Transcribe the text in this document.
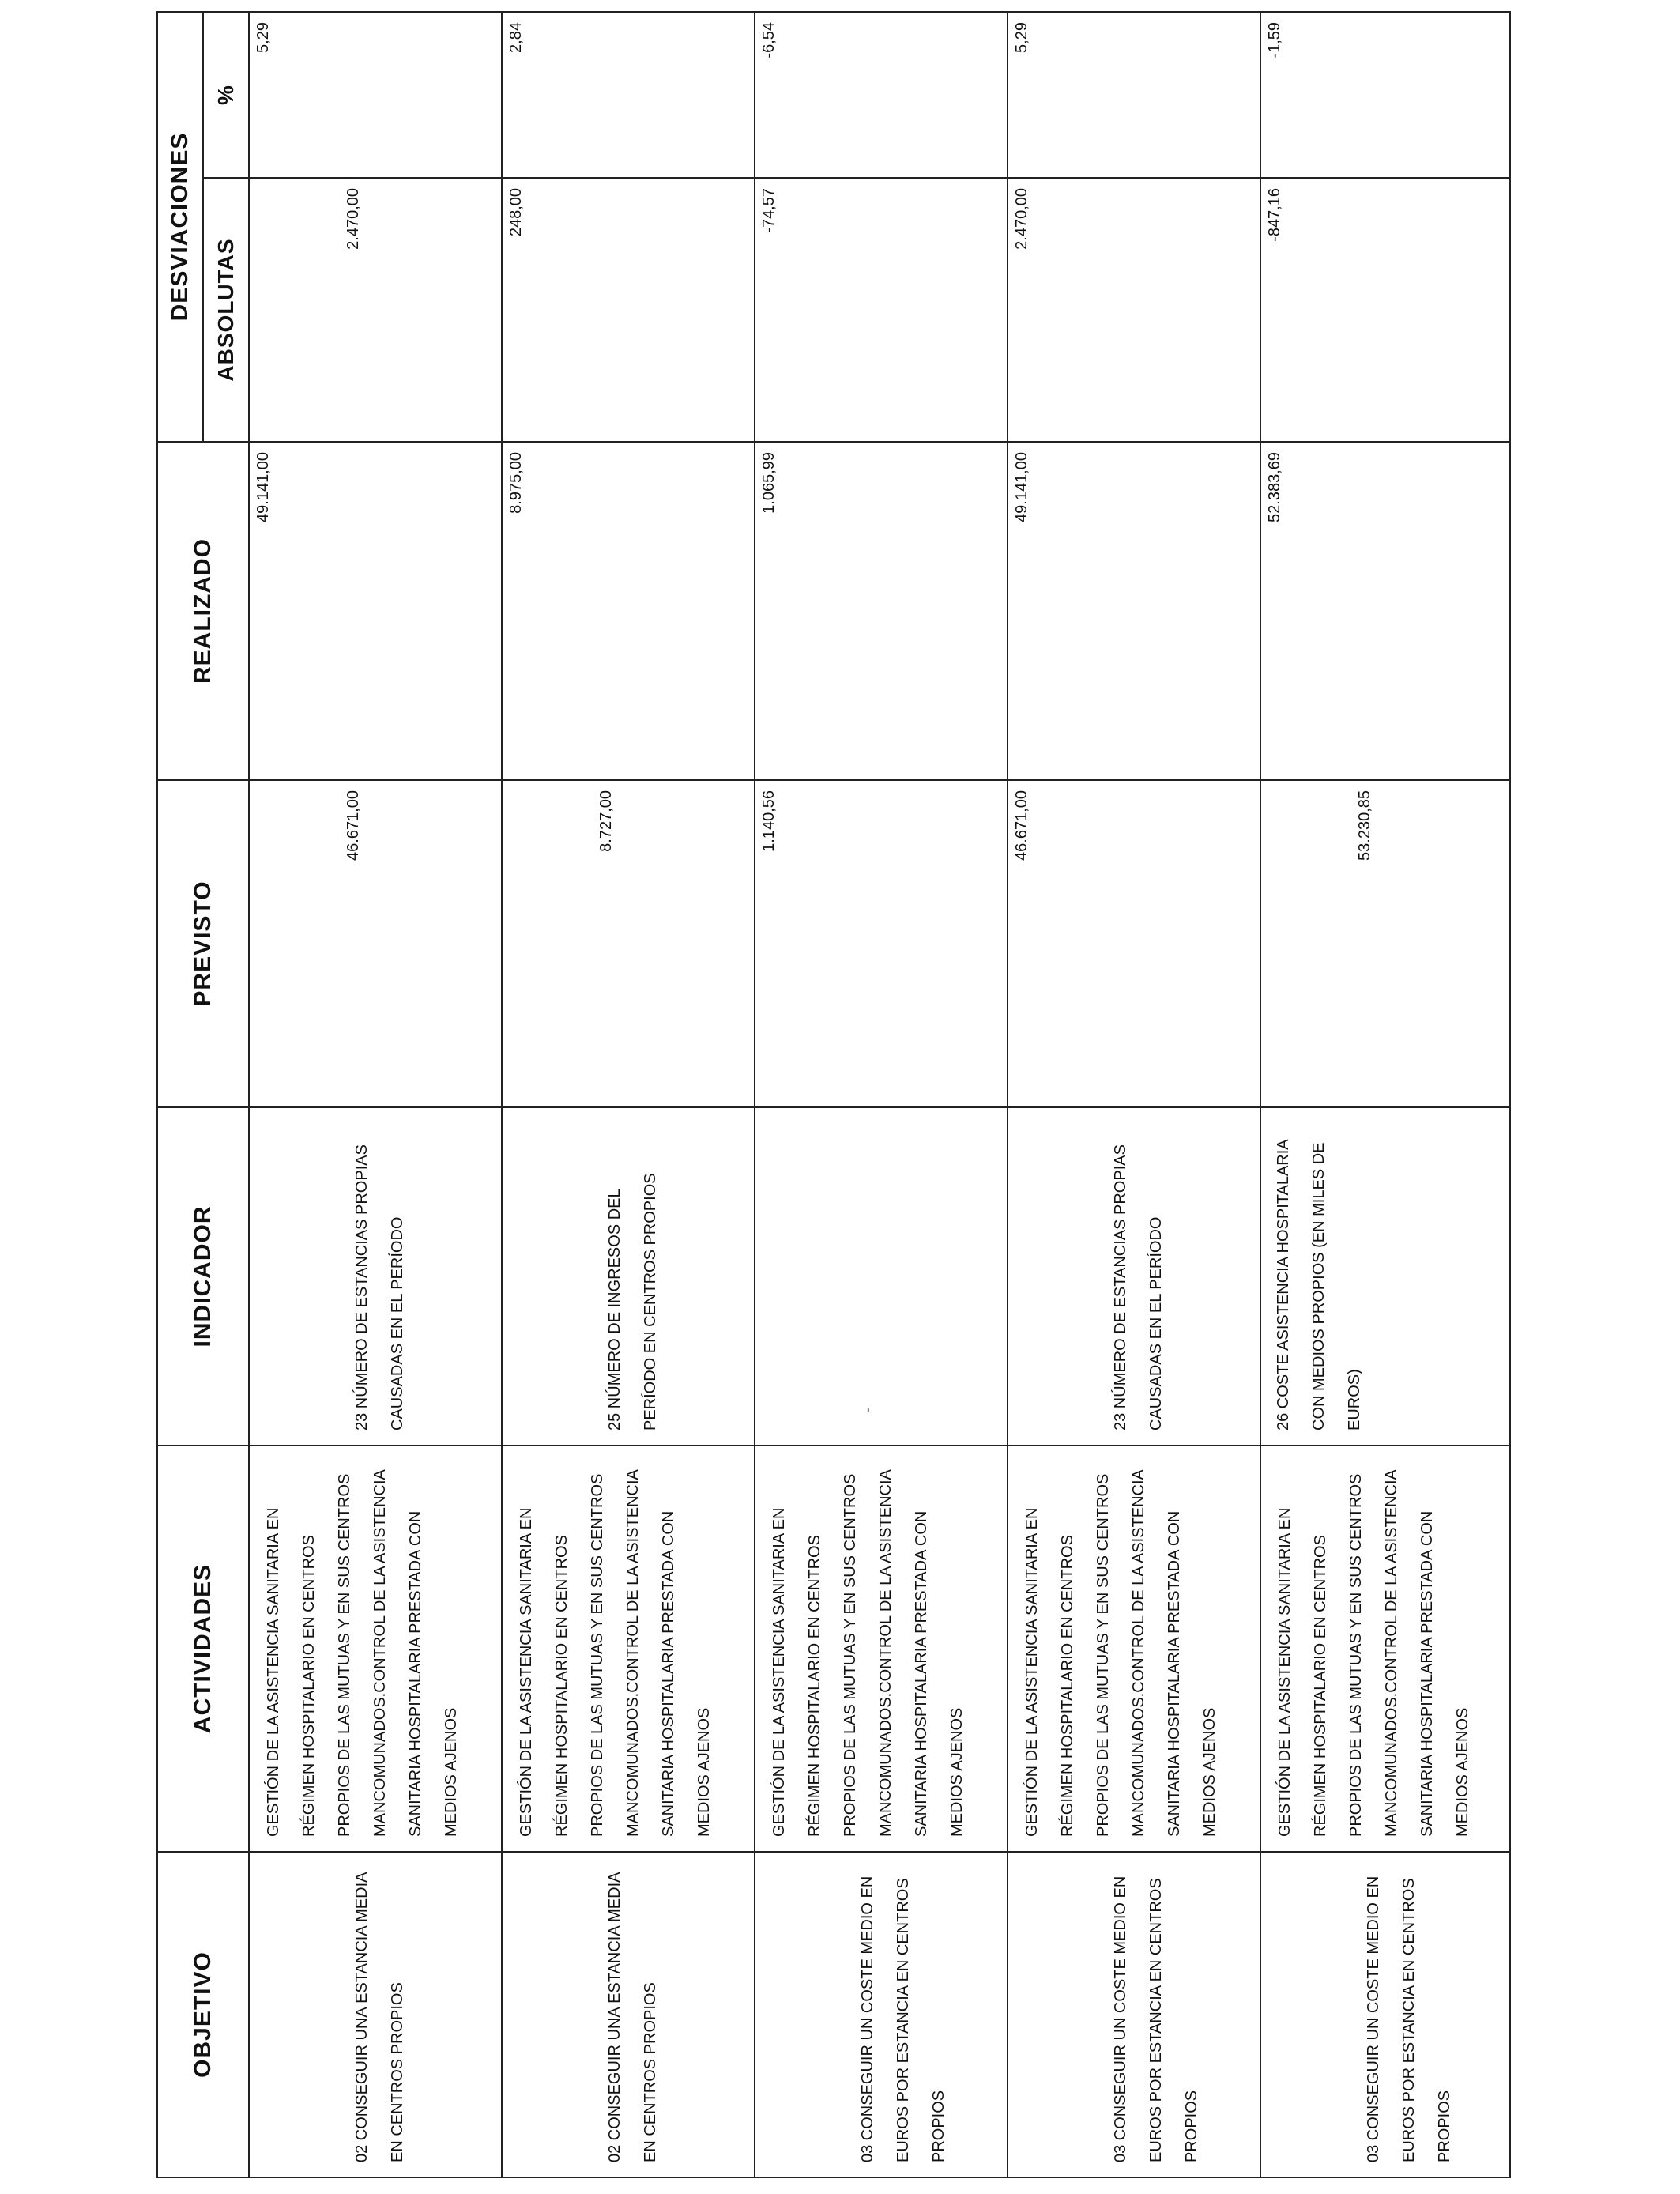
OBJETIVO	ACTIVIDADES	INDICADOR	PREVISTO	REALIZADO	DESVIACIONES	
					ABSOLUTAS	%

02 CONSEGUIR UNA ESTANCIA MEDIA EN CENTROS PROPIOS	GESTIÓN DE LA ASISTENCIA SANITARIA EN RÉGIMEN HOSPITALARIO EN CENTROS PROPIOS DE LAS MUTUAS Y EN SUS CENTROS MANCOMUNADOS.CONTROL DE LA ASISTENCIA SANITARIA HOSPITALARIA PRESTADA CON MEDIOS AJENOS	23 NÚMERO DE ESTANCIAS PROPIAS CAUSADAS EN EL PERÍODO	46.671,00	49.141,00	2.470,00	5,29

02 CONSEGUIR UNA ESTANCIA MEDIA EN CENTROS PROPIOS	GESTIÓN DE LA ASISTENCIA SANITARIA EN RÉGIMEN HOSPITALARIO EN CENTROS PROPIOS DE LAS MUTUAS Y EN SUS CENTROS MANCOMUNADOS.CONTROL DE LA ASISTENCIA SANITARIA HOSPITALARIA PRESTADA CON MEDIOS AJENOS	25 NÚMERO DE INGRESOS DEL PERÍODO EN CENTROS PROPIOS	8.727,00	8.975,00	248,00	2,84

03 CONSEGUIR UN COSTE MEDIO EN EUROS POR ESTANCIA EN CENTROS PROPIOS	GESTIÓN DE LA ASISTENCIA SANITARIA EN RÉGIMEN HOSPITALARIO EN CENTROS PROPIOS DE LAS MUTUAS Y EN SUS CENTROS MANCOMUNADOS.CONTROL DE LA ASISTENCIA SANITARIA HOSPITALARIA PRESTADA CON MEDIOS AJENOS	-	1.140,56	1.065,99	-74,57	-6,54

03 CONSEGUIR UN COSTE MEDIO EN EUROS POR ESTANCIA EN CENTROS PROPIOS	GESTIÓN DE LA ASISTENCIA SANITARIA EN RÉGIMEN HOSPITALARIO EN CENTROS PROPIOS DE LAS MUTUAS Y EN SUS CENTROS MANCOMUNADOS.CONTROL DE LA ASISTENCIA SANITARIA HOSPITALARIA PRESTADA CON MEDIOS AJENOS	23 NÚMERO DE ESTANCIAS PROPIAS CAUSADAS EN EL PERÍODO	46.671,00	49.141,00	2.470,00	5,29

03 CONSEGUIR UN COSTE MEDIO EN EUROS POR ESTANCIA EN CENTROS PROPIOS	GESTIÓN DE LA ASISTENCIA SANITARIA EN RÉGIMEN HOSPITALARIO EN CENTROS PROPIOS DE LAS MUTUAS Y EN SUS CENTROS MANCOMUNADOS.CONTROL DE LA ASISTENCIA SANITARIA HOSPITALARIA PRESTADA CON MEDIOS AJENOS	26 COSTE ASISTENCIA HOSPITALARIA CON MEDIOS PROPIOS (EN MILES DE EUROS)	53.230,85	52.383,69	-847,16	-1,59
